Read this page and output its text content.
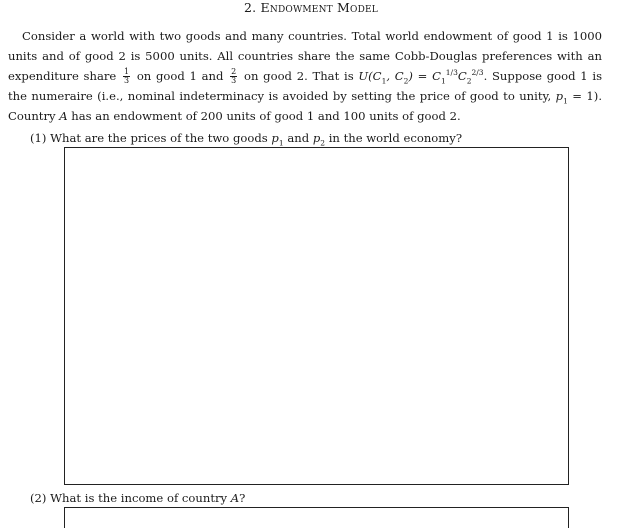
2. Endowment Model
Consider a world with two goods and many countries. Total world endowment of good 1 is 1000 units and of good 2 is 5000 units. All countries share the same Cobb-Douglas preferences with an expenditure share $\frac{1}{3}$ on good 1 and $\frac{2}{3}$ on good 2. That is $U(C_1$, $C_2) = C_1^{1/3}C_2^{2/3}$. Suppose good 1 is the numeraire (i.e., nominal indeterminacy is avoided by setting the price of good to unity, $p_1 = 1$). Country A has an endowment of 200 units of good 1 and 100 units of good 2.
(1) What are the prices of the two goods $p_1$ and $p_2$ in the world economy?
(2) What is the income of country A?
